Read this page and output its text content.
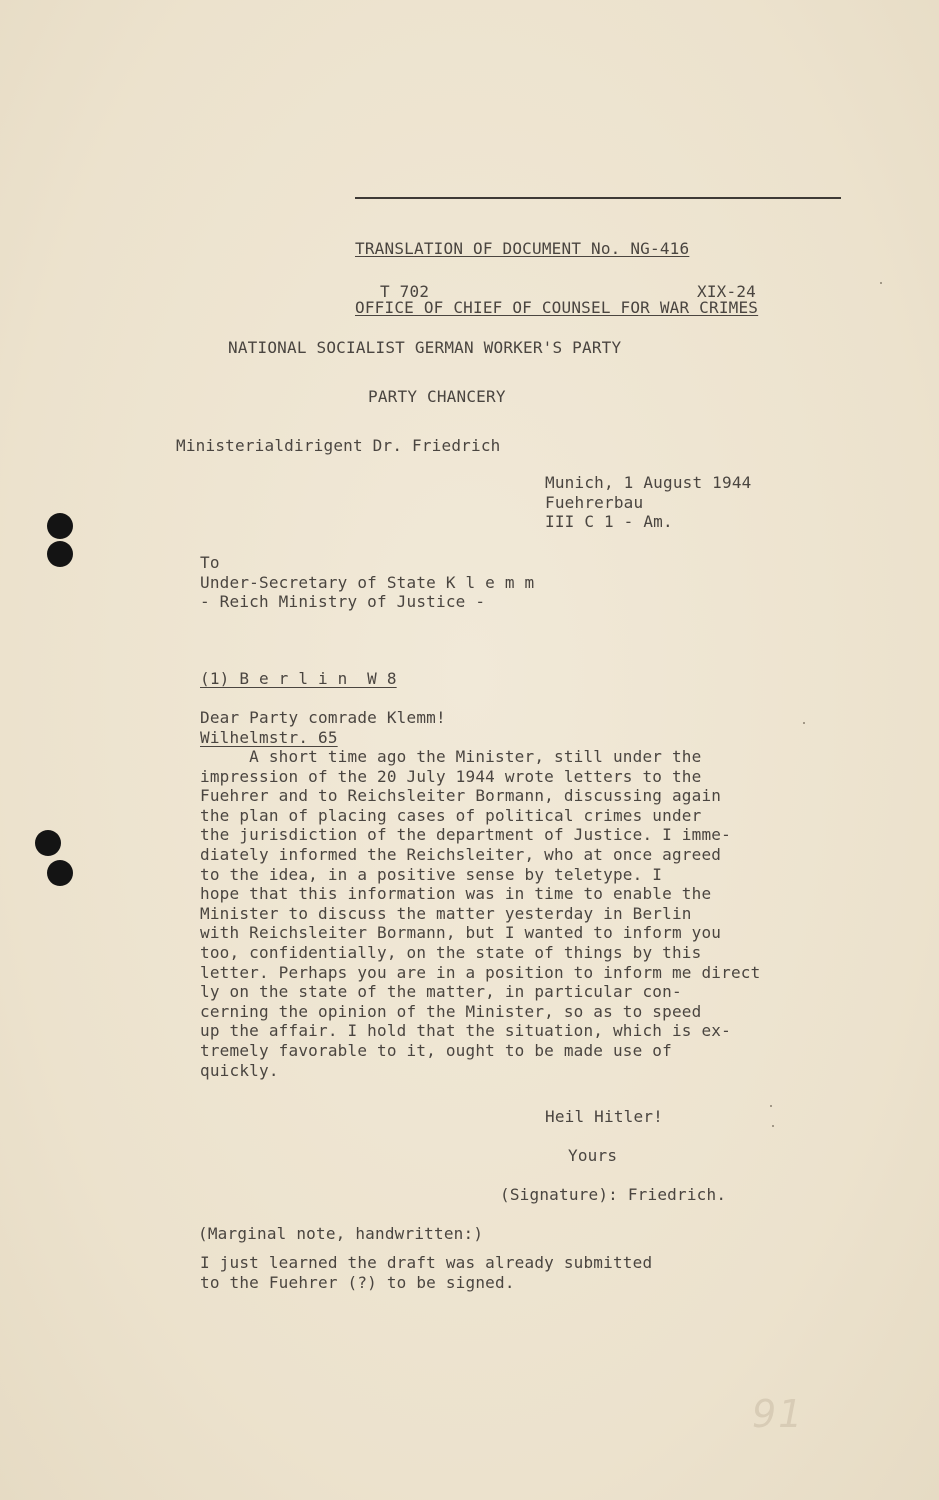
TRANSLATION OF DOCUMENT No. NG-416

OFFICE OF CHIEF OF COUNSEL FOR WAR CRIMES

T 702	XIX-24
NATIONAL SOCIALIST GERMAN WORKER'S PARTY
PARTY CHANCERY
Ministerialdirigent Dr. Friedrich
Munich, 1 August 1944
Fuehrerbau
III C 1 - Am.
To
Under-Secretary of State K l e m m
- Reich Ministry of Justice -

(1) B e r l i n  W 8

Wilhelmstr. 65

Dear Party comrade Klemm!
A short time ago the Minister, still under the
impression of the 20 July 1944 wrote letters to the
Fuehrer and to Reichsleiter Bormann, discussing again
the plan of placing cases of political crimes under
the jurisdiction of the department of Justice. I imme-
diately informed the Reichsleiter, who at once agreed
to the idea, in a positive sense by teletype. I
hope that this information was in time to enable the
Minister to discuss the matter yesterday in Berlin
with Reichsleiter Bormann, but I wanted to inform you
too, confidentially, on the state of things by this
letter. Perhaps you are in a position to inform me direct
ly on the state of the matter, in particular con-
cerning the opinion of the Minister, so as to speed
up the affair. I hold that the situation, which is ex-
tremely favorable to it, ought to be made use of
quickly.
Heil Hitler!
Yours
(Signature): Friedrich.
(Marginal note, handwritten:)
I just learned the draft was already submitted
to the Fuehrer (?) to be signed.
91
